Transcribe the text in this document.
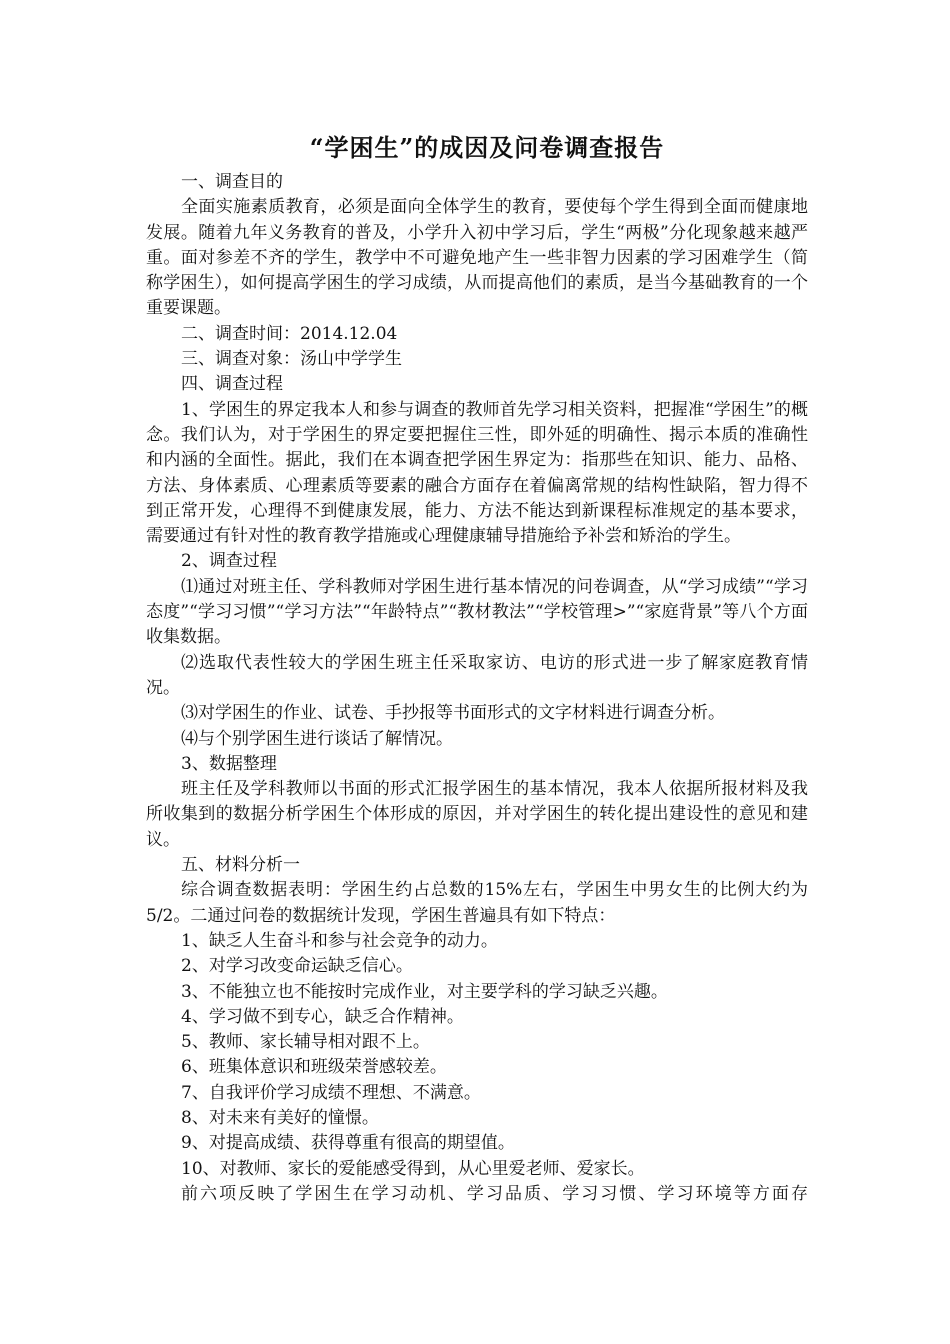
“学困生”的成因及问卷调查报告

一、调查目的

全面实施素质教育，必须是面向全体学生的教育，要使每个学生得到全面而健康地发展。随着九年义务教育的普及，小学升入初中学习后，学生“两极”分化现象越来越严重。面对参差不齐的学生，教学中不可避免地产生一些非智力因素的学习困难学生（简称学困生），如何提高学困生的学习成绩，从而提高他们的素质，是当今基础教育的一个重要课题。

二、调查时间：2014.12.04

三、调查对象：汤山中学学生

四、调查过程

1、学困生的界定我本人和参与调查的教师首先学习相关资料，把握准“学困生”的概念。我们认为，对于学困生的界定要把握住三性，即外延的明确性、揭示本质的准确性和内涵的全面性。据此，我们在本调查把学困生界定为：指那些在知识、能力、品格、方法、身体素质、心理素质等要素的融合方面存在着偏离常规的结构性缺陷，智力得不到正常开发，心理得不到健康发展，能力、方法不能达到新课程标准规定的基本要求，需要通过有针对性的教育教学措施或心理健康辅导措施给予补尝和矫治的学生。

2、调查过程

⑴通过对班主任、学科教师对学困生进行基本情况的问卷调查，从“学习成绩”“学习态度”“学习习惯”“学习方法”“年龄特点”“教材教法”“学校管理>”“家庭背景”等八个方面收集数据。

⑵选取代表性较大的学困生班主任采取家访、电访的形式进一步了解家庭教育情况。

⑶对学困生的作业、试卷、手抄报等书面形式的文字材料进行调查分析。

⑷与个别学困生进行谈话了解情况。

3、数据整理

班主任及学科教师以书面的形式汇报学困生的基本情况，我本人依据所报材料及我所收集到的数据分析学困生个体形成的原因，并对学困生的转化提出建设性的意见和建议。

五、材料分析一

综合调查数据表明：学困生约占总数的15%左右，学困生中男女生的比例大约为5/2。二通过问卷的数据统计发现，学困生普遍具有如下特点：

1、缺乏人生奋斗和参与社会竞争的动力。

2、对学习改变命运缺乏信心。

3、不能独立也不能按时完成作业，对主要学科的学习缺乏兴趣。

4、学习做不到专心，缺乏合作精神。

5、教师、家长辅导相对跟不上。

6、班集体意识和班级荣誉感较差。

7、自我评价学习成绩不理想、不满意。

8、对未来有美好的憧憬。

9、对提高成绩、获得尊重有很高的期望值。

10、对教师、家长的爱能感受得到，从心里爱老师、爱家长。

前六项反映了学困生在学习动机、学习品质、学习习惯、学习环境等方面存
